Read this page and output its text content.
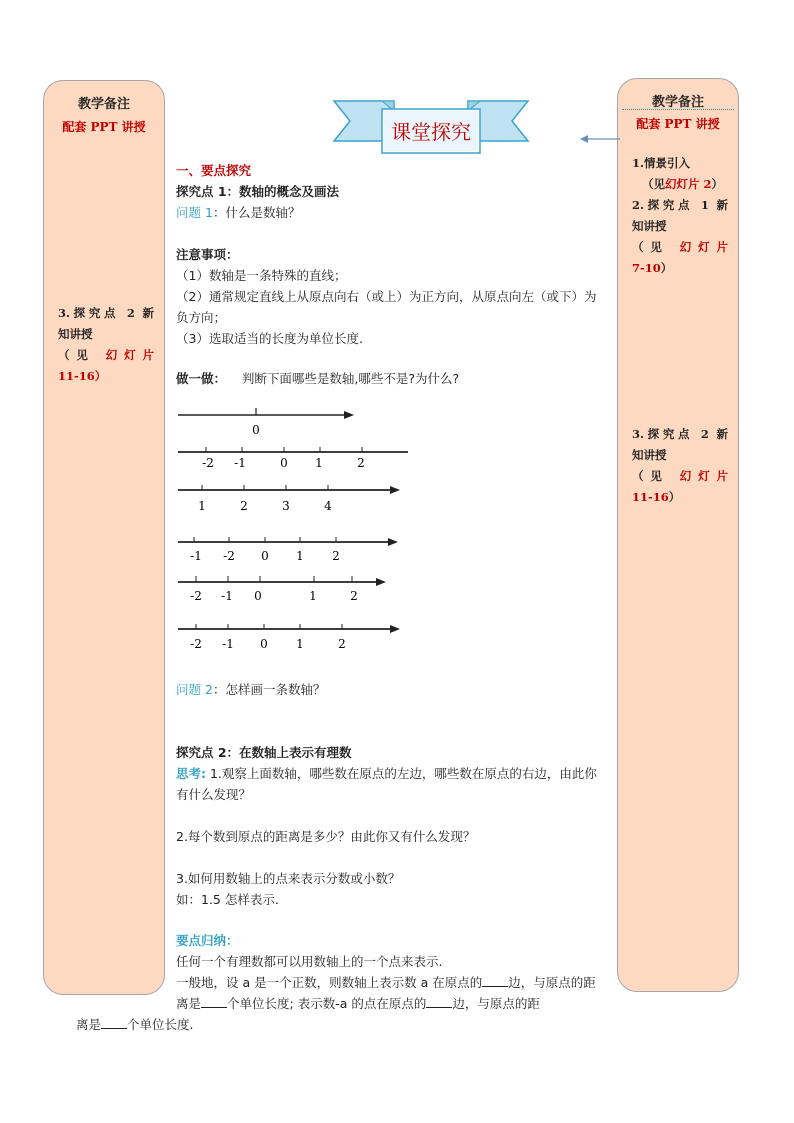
教学备注
配套 PPT 讲授
3.探究点 2 新
知讲授

（见 幻灯片
11-16）
教学备注
配套 PPT 讲授
1.情景引入
（见幻灯片 2）
2.探究点 1 新
知讲授

（见 幻灯片
7-10）
3.探究点 2 新
知讲授

（见 幻灯片
11-16）
课堂探究
一、要点探究
探究点 1：数轴的概念及画法
问题 1：什么是数轴？
注意事项：
（1）数轴是一条特殊的直线；
（2）通常规定直线上从原点向右（或上）为正方向，从原点向左（或下）为负方向；
（3）选取适当的长度为单位长度.
做一做： 判断下面哪些是数轴,哪些不是?为什么?
0
-2 -1	0 1	2
1	2	3	4
-1 -2 0 1 2
-2 -1 0	1	2
-2 -1 0 1	2
问题 2：怎样画一条数轴？
探究点 2：在数轴上表示有理数
思考: 1.观察上面数轴，哪些数在原点的左边，哪些数在原点的右边，由此你有什么发现？
2.每个数到原点的距离是多少？由此你又有什么发现？
3.如何用数轴上的点来表示分数或小数？
如：1.5 怎样表示.
要点归纳：
任何一个有理数都可以用数轴上的一个点来表示.
一般地，设 a 是一个正数，则数轴上表示数 a 在原点的 边，与原点的距离是 个单位长度; 表示数-a 的点在原点的 边，与原点的距
离是 个单位长度.
